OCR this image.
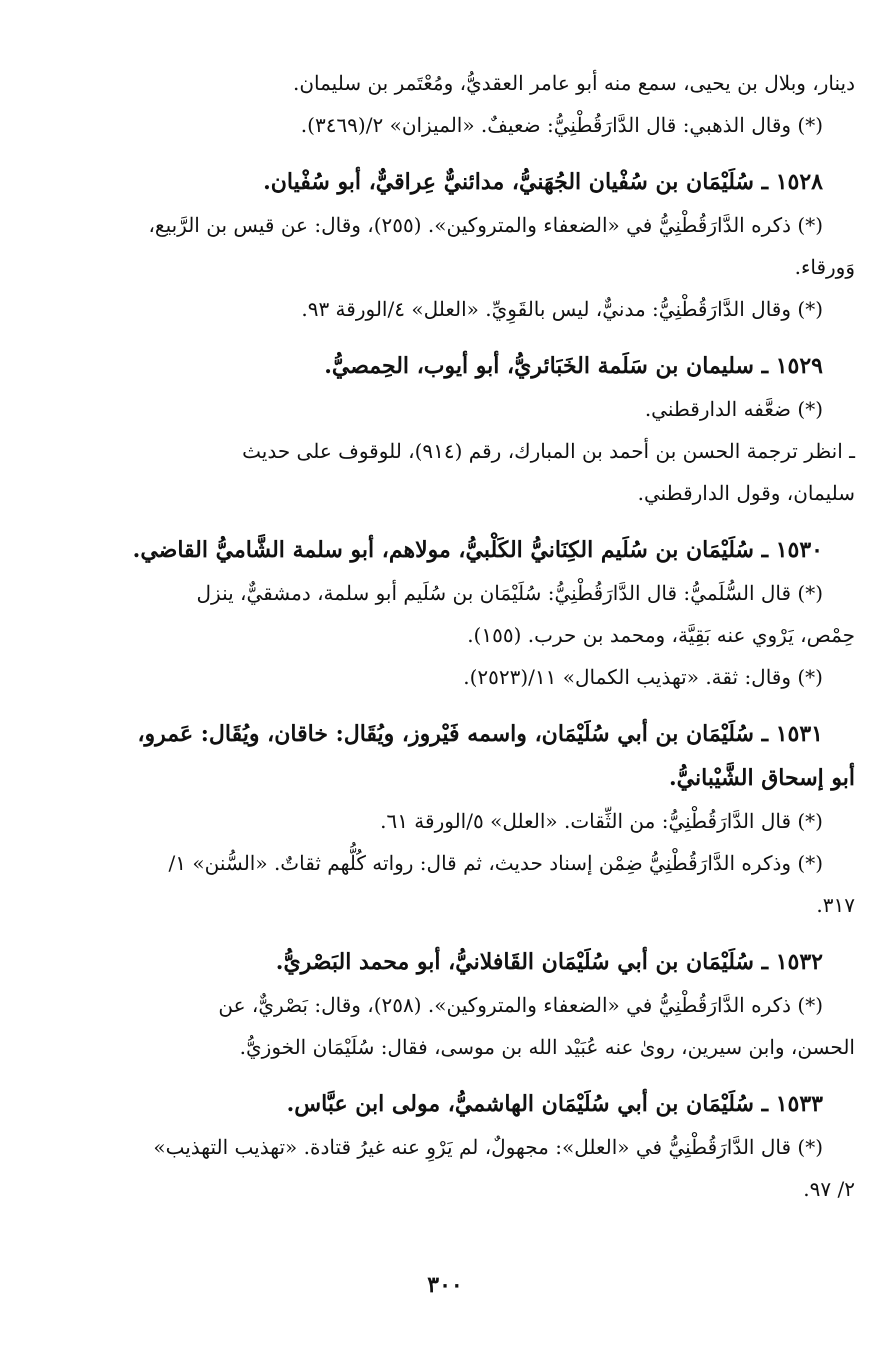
دينار، وبلال بن يحيى، سمع منه أبو عامر العقديُّ، ومُعْتَمر بن سليمان.
(*) وقال الذهبي: قال الدَّارَقُطْنِيُّ: ضعيفٌ. «الميزان» ٢/(٣٤٦٩).
١٥٢٨ ـ سُلَيْمَان بن سُفْيان الجُهَنيُّ، مدائنيٌّ عِراقيٌّ، أبو سُفْيان.
(*) ذكره الدَّارَقُطْنِيُّ في «الضعفاء والمتروكين». (٢٥٥)، وقال: عن قيس بن الرَّبيع،
وَورقاء.
(*) وقال الدَّارَقُطْنِيُّ: مدنيٌّ، ليس بالقَوِيِّ. «العلل» ٤/الورقة ٩٣.
١٥٢٩ ـ سليمان بن سَلَمة الخَبَائريُّ، أبو أيوب، الحِمصيُّ.
(*) ضعَّفه الدارقطني.
ـ انظر ترجمة الحسن بن أحمد بن المبارك، رقم (٩١٤)، للوقوف على حديث
سليمان، وقول الدارقطني.
١٥٣٠ ـ سُلَيْمَان بن سُلَيم الكِنَانيُّ الكَلْبيُّ، مولاهم، أبو سلمة الشَّاميُّ القاضي.
(*) قال السُّلَميُّ: قال الدَّارَقُطْنِيُّ: سُلَيْمَان بن سُلَيم أبو سلمة، دمشقيٌّ، ينزل
حِمْص، يَرْوي عنه بَقِيَّة، ومحمد بن حرب. (١٥٥).
(*) وقال: ثقة. «تهذيب الكمال» ١١/(٢٥٢٣).
١٥٣١ ـ سُلَيْمَان بن أبي سُلَيْمَان، واسمه فَيْروز، ويُقَال: خاقان، ويُقَال: عَمرو،
أبو إسحاق الشَّيْبانيُّ.
(*) قال الدَّارَقُطْنِيُّ: من الثِّقات. «العلل» ٥/الورقة ٦١.
(*) وذكره الدَّارَقُطْنِيُّ ضِمْن إسناد حديث، ثم قال: رواته كُلُّهم ثقاتٌ. «السُّنن» ١/
٣١٧.
١٥٣٢ ـ سُلَيْمَان بن أبي سُلَيْمَان القَافلانيُّ، أبو محمد البَصْريُّ.
(*) ذكره الدَّارَقُطْنِيُّ في «الضعفاء والمتروكين». (٢٥٨)، وقال: بَصْريٌّ، عن
الحسن، وابن سيرين، روىٰ عنه عُبَيْد الله بن موسى، فقال: سُلَيْمَان الخوزيُّ.
١٥٣٣ ـ سُلَيْمَان بن أبي سُلَيْمَان الهاشميُّ، مولى ابن عبَّاس.
(*) قال الدَّارَقُطْنِيُّ في «العلل»: مجهولٌ، لم يَرْوِ عنه غيرُ قتادة. «تهذيب التهذيب»
٢/ ٩٧.
٣٠٠
